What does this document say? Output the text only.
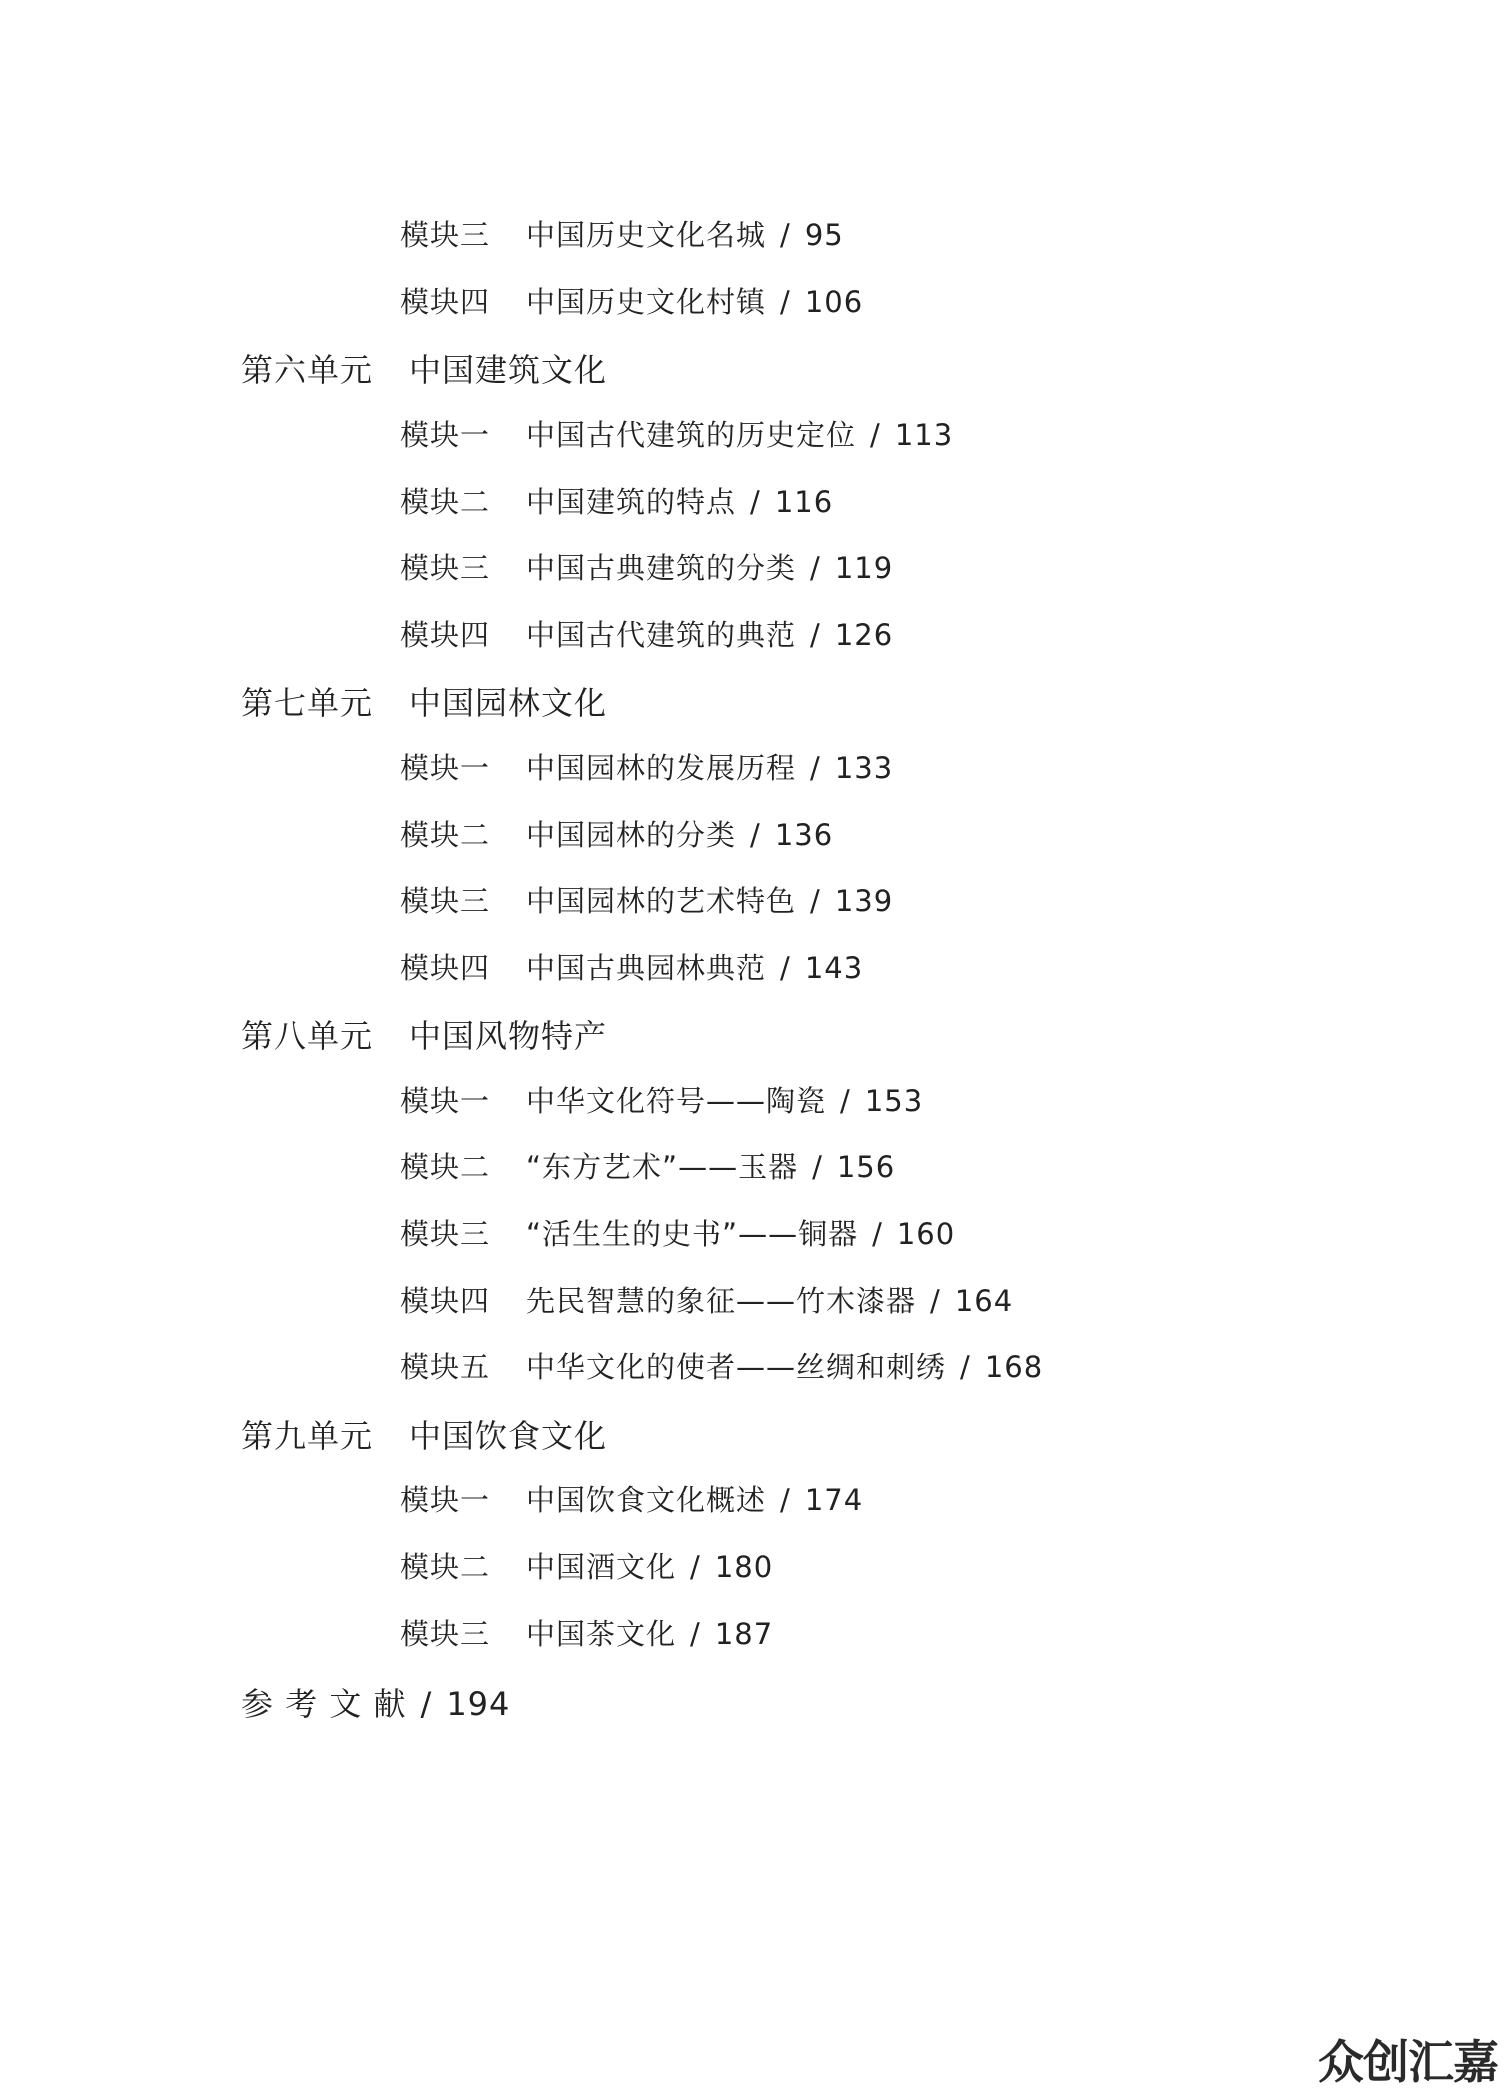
模块三 中国历史文化名城 / 95
模块四 中国历史文化村镇 / 106
第六单元 中国建筑文化
模块一 中国古代建筑的历史定位 / 113
模块二 中国建筑的特点 / 116
模块三 中国古典建筑的分类 / 119
模块四 中国古代建筑的典范 / 126
第七单元 中国园林文化
模块一 中国园林的发展历程 / 133
模块二 中国园林的分类 / 136
模块三 中国园林的艺术特色 / 139
模块四 中国古典园林典范 / 143
第八单元 中国风物特产
模块一 中华文化符号——陶瓷 / 153
模块二 “东方艺术”——玉器 / 156
模块三 “活生生的史书”——铜器 / 160
模块四 先民智慧的象征——竹木漆器 / 164
模块五 中华文化的使者——丝绸和刺绣 / 168
第九单元 中国饮食文化
模块一 中国饮食文化概述 / 174
模块二 中国酒文化 / 180
模块三 中国茶文化 / 187
参 考 文 献 / 194
众创汇嘉
